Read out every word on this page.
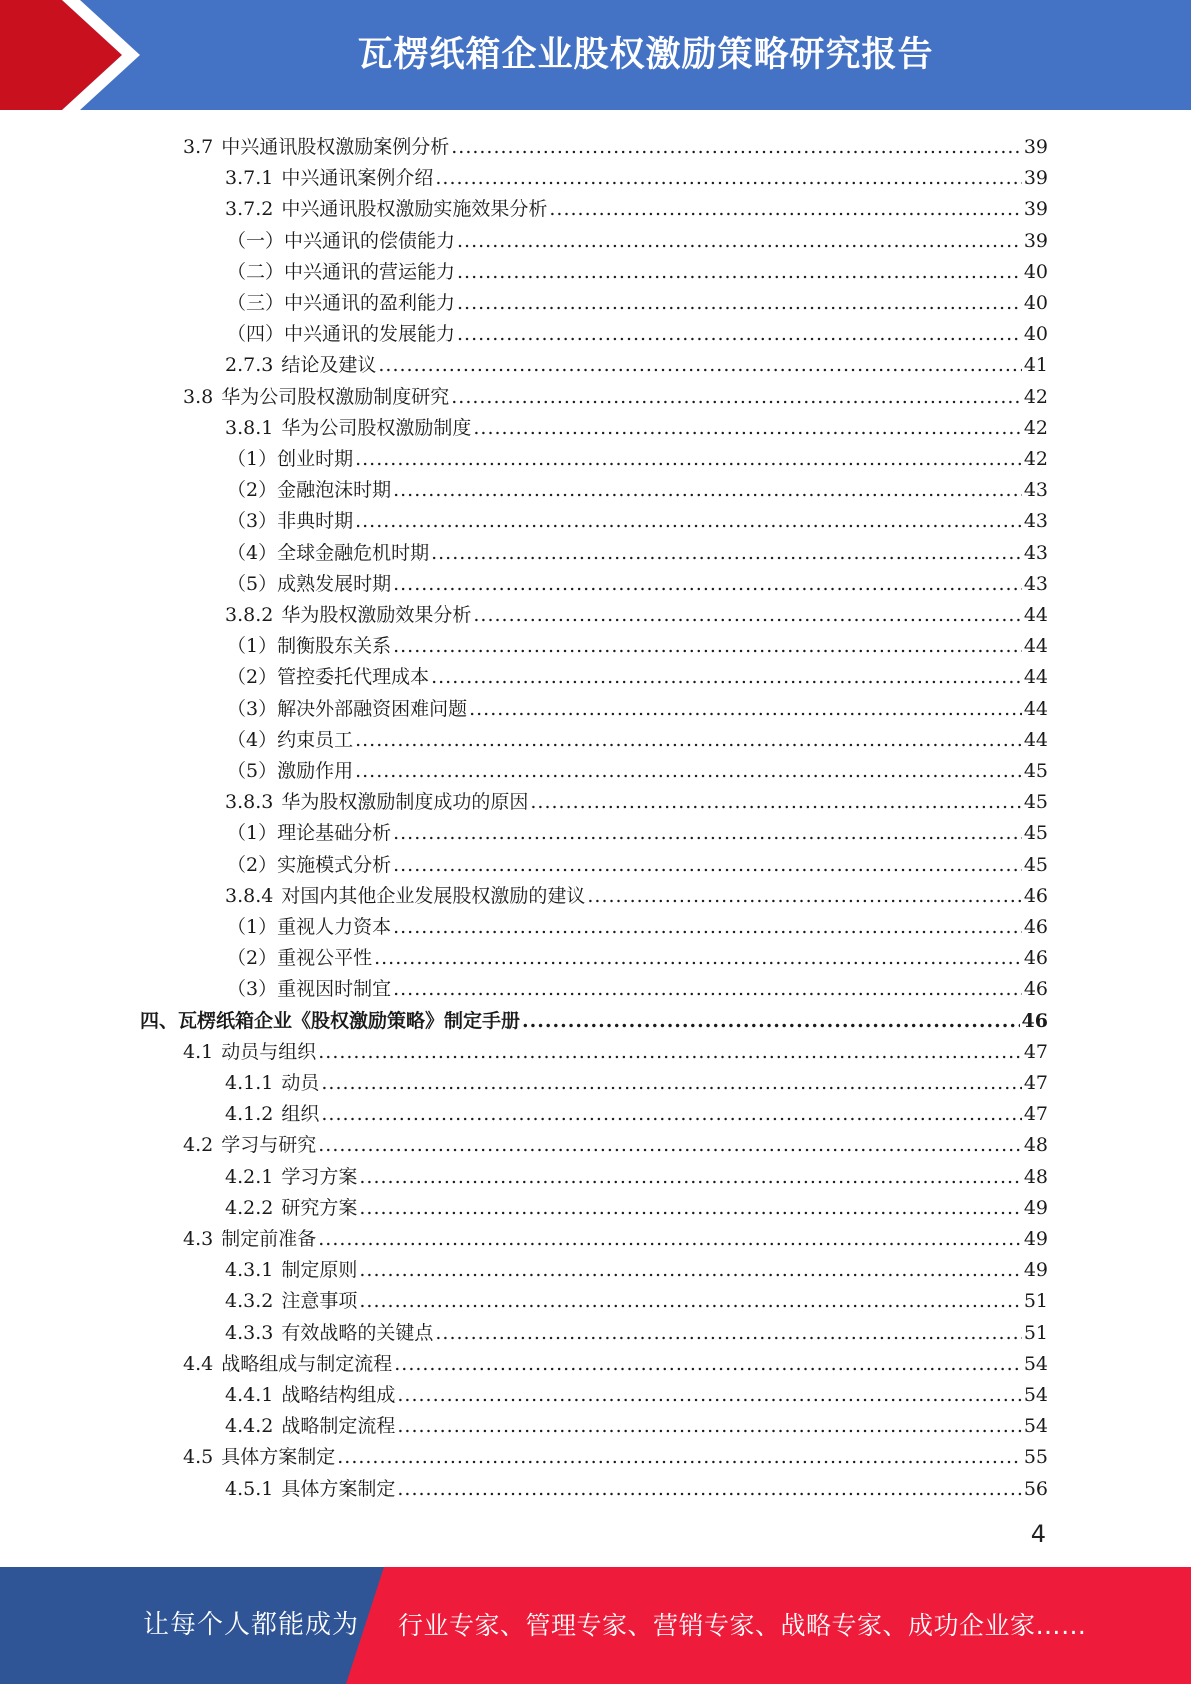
瓦楞纸箱企业股权激励策略研究报告
3.7 中兴通讯股权激励案例分析 .....	39
3.7.1 中兴通讯案例介绍 .....	39
3.7.2 中兴通讯股权激励实施效果分析 .....	39
（一）中兴通讯的偿债能力 .....	39
（二）中兴通讯的营运能力 .....	40
（三）中兴通讯的盈利能力 .....	40
（四）中兴通讯的发展能力 .....	40
2.7.3 结论及建议 .....	41
3.8 华为公司股权激励制度研究 .....	42
3.8.1 华为公司股权激励制度 .....	42
（1）创业时期 .....	42
（2）金融泡沫时期 .....	43
（3）非典时期 .....	43
（4）全球金融危机时期 .....	43
（5）成熟发展时期 .....	43
3.8.2 华为股权激励效果分析 .....	44
（1）制衡股东关系 .....	44
（2）管控委托代理成本 .....	44
（3）解决外部融资困难问题 .....	44
（4）约束员工 .....	44
（5）激励作用 .....	45
3.8.3 华为股权激励制度成功的原因 .....	45
（1）理论基础分析 .....	45
（2）实施模式分析 .....	45
3.8.4 对国内其他企业发展股权激励的建议 .....	46
（1）重视人力资本 .....	46
（2）重视公平性 .....	46
（3）重视因时制宜 .....	46
四、瓦楞纸箱企业《股权激励策略》制定手册 .....	46
4.1 动员与组织 .....	47
4.1.1 动员 .....	47
4.1.2 组织 .....	47
4.2 学习与研究 .....	48
4.2.1 学习方案 .....	48
4.2.2 研究方案 .....	49
4.3 制定前准备 .....	49
4.3.1 制定原则 .....	49
4.3.2 注意事项 .....	51
4.3.3 有效战略的关键点 .....	51
4.4 战略组成与制定流程 .....	54
4.4.1 战略结构组成 .....	54
4.4.2 战略制定流程 .....	54
4.5 具体方案制定 .....	55
4.5.1 具体方案制定 .....	56
4
让每个人都能成为 行业专家、管理专家、营销专家、战略专家、成功企业家……
